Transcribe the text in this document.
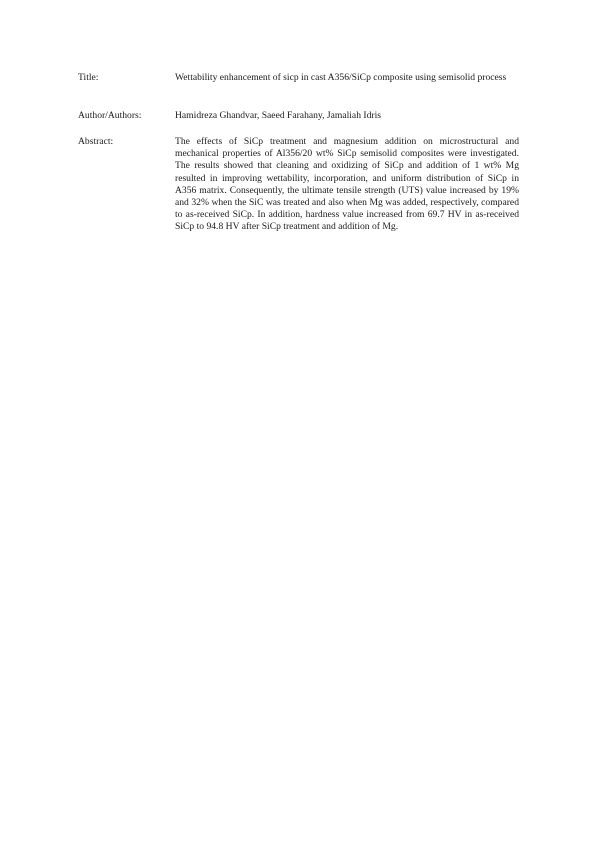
Title:	Wettability enhancement of sicp in cast A356/SiCp composite using semisolid process
Author/Authors:	Hamidreza Ghandvar, Saeed Farahany, Jamaliah Idris
Abstract:	The effects of SiCp treatment and magnesium addition on microstructural and mechanical properties of Al356/20 wt% SiCp semisolid composites were investigated. The results showed that cleaning and oxidizing of SiCp and addition of 1 wt% Mg resulted in improving wettability, incorporation, and uniform distribution of SiCp in A356 matrix. Consequently, the ultimate tensile strength (UTS) value increased by 19% and 32% when the SiC was treated and also when Mg was added, respectively, compared to as-received SiCp. In addition, hardness value increased from 69.7 HV in as-received SiCp to 94.8 HV after SiCp treatment and addition of Mg.
